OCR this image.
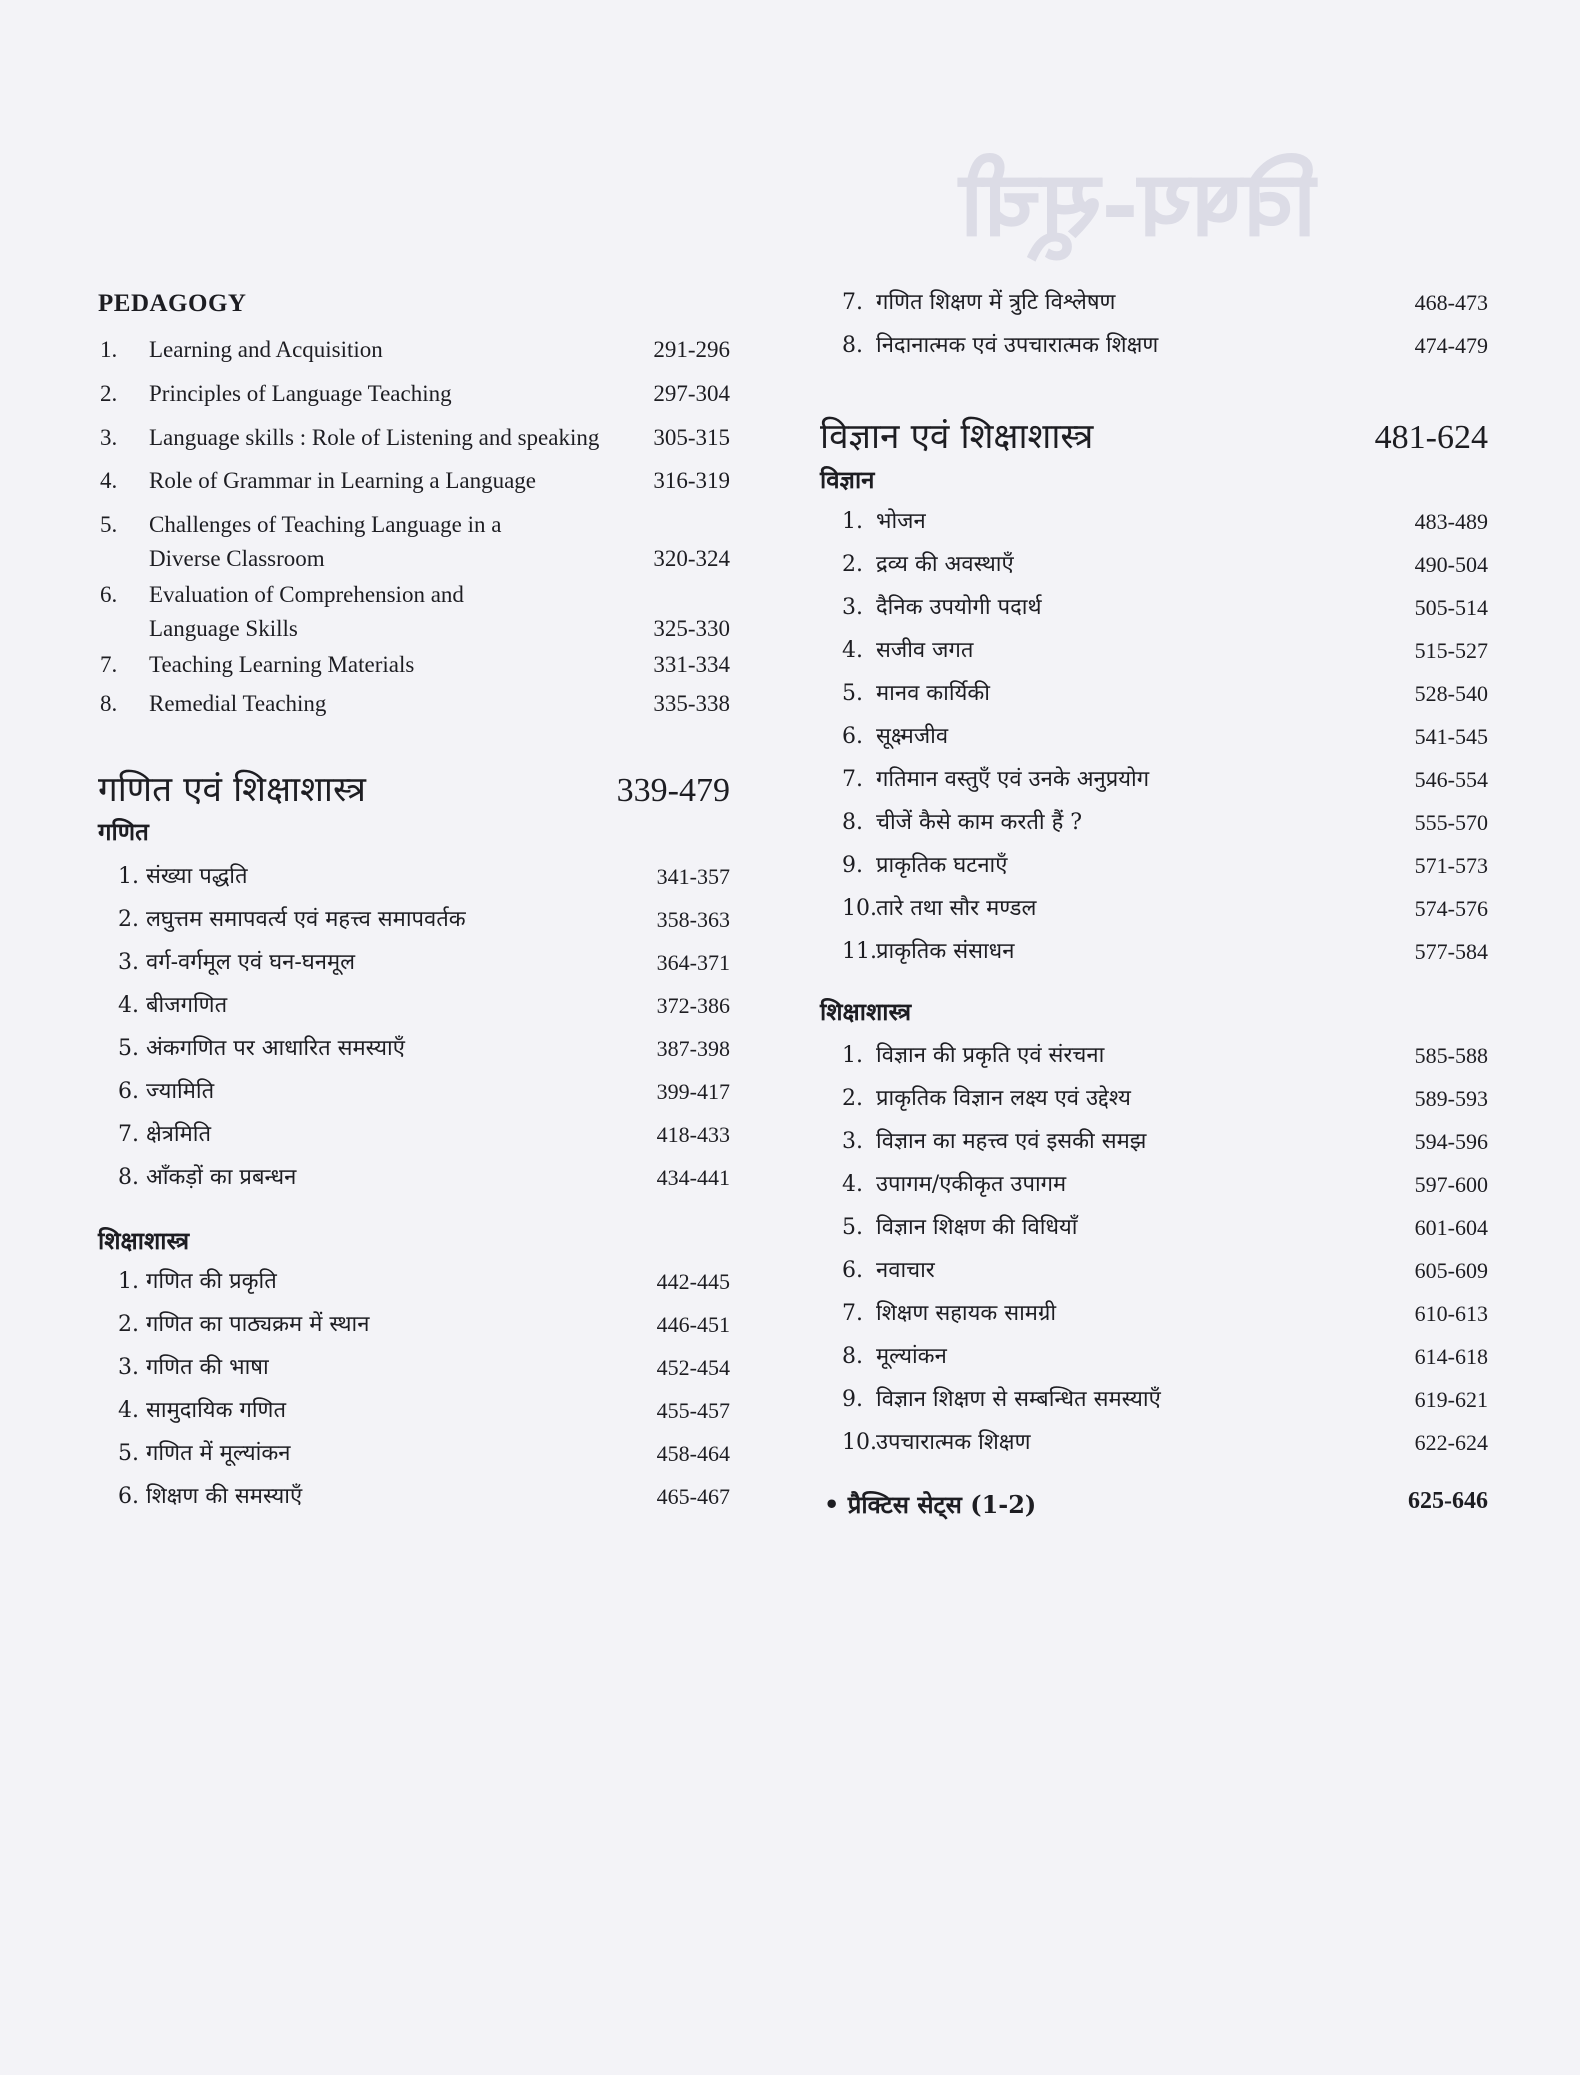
विषय-सूची
PEDAGOGY
1. Learning and Acquisition	291-296
2. Principles of Language Teaching	297-304
3. Language skills : Role of Listening and speaking 305-315
4. Role of Grammar in Learning a Language	316-319
5. Challenges of Teaching Language in a
Diverse Classroom	320-324
6. Evaluation of Comprehension and
Language Skills	325-330
7. Teaching Learning Materials	331-334
8. Remedial Teaching	335-338
गणित एवं शिक्षाशास्त्र	339-479
गणित
1. संख्या पद्धति	341-357
2. लघुत्तम समापवर्त्य एवं महत्त्व समापवर्तक	358-363
3. वर्ग-वर्गमूल एवं घन-घनमूल	364-371
4. बीजगणित	372-386
5. अंकगणित पर आधारित समस्याएँ	387-398
6. ज्यामिति	399-417
7. क्षेत्रमिति	418-433
8. आँकड़ों का प्रबन्धन	434-441
शिक्षाशास्त्र
1. गणित की प्रकृति	442-445
2. गणित का पाठ्यक्रम में स्थान	446-451
3. गणित की भाषा	452-454
4. सामुदायिक गणित	455-457
5. गणित में मूल्यांकन	458-464
6. शिक्षण की समस्याएँ	465-467
7. गणित शिक्षण में त्रुटि विश्लेषण	468-473
8. निदानात्मक एवं उपचारात्मक शिक्षण	474-479
विज्ञान एवं शिक्षाशास्त्र	481-624
विज्ञान
1. भोजन	483-489
2. द्रव्य की अवस्थाएँ	490-504
3. दैनिक उपयोगी पदार्थ	505-514
4. सजीव जगत	515-527
5. मानव कार्यिकी	528-540
6. सूक्ष्मजीव	541-545
7. गतिमान वस्तुएँ एवं उनके अनुप्रयोग	546-554
8. चीजें कैसे काम करती हैं ?	555-570
9. प्राकृतिक घटनाएँ	571-573
10. तारे तथा सौर मण्डल	574-576
11. प्राकृतिक संसाधन	577-584
शिक्षाशास्त्र
1. विज्ञान की प्रकृति एवं संरचना	585-588
2. प्राकृतिक विज्ञान लक्ष्य एवं उद्देश्य	589-593
3. विज्ञान का महत्त्व एवं इसकी समझ	594-596
4. उपागम/एकीकृत उपागम	597-600
5. विज्ञान शिक्षण की विधियाँ	601-604
6. नवाचार	605-609
7. शिक्षण सहायक सामग्री	610-613
8. मूल्यांकन	614-618
9. विज्ञान शिक्षण से सम्बन्धित समस्याएँ	619-621
10. उपचारात्मक शिक्षण	622-624
• प्रैक्टिस सेट्स (1-2)	625-646
